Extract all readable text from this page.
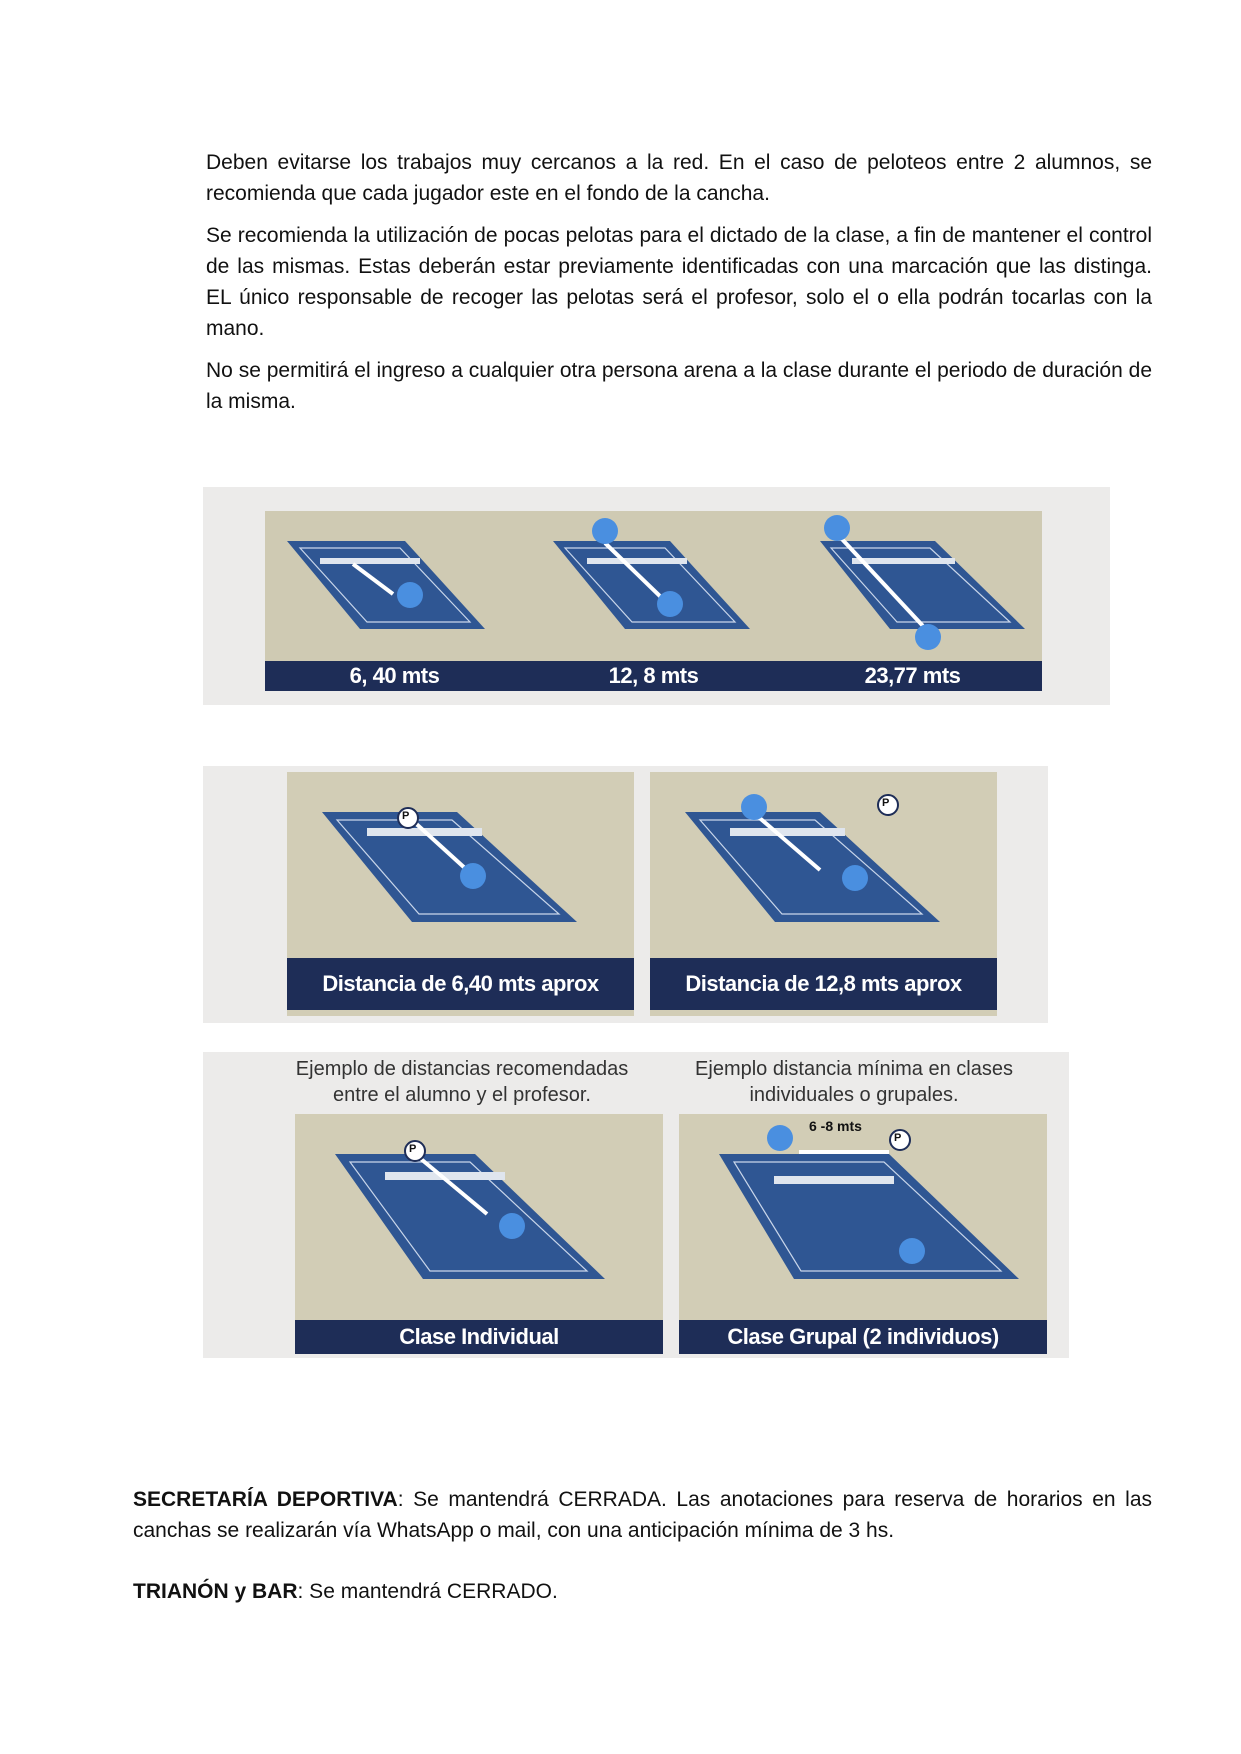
Deben evitarse los trabajos muy cercanos a la red. En el caso de peloteos entre 2 alumnos, se recomienda que cada jugador este en el fondo de la cancha.

Se recomienda la utilización de pocas pelotas para el dictado de la clase, a fin de mantener el control de las mismas. Estas deberán estar previamente identificadas con una marcación que las distinga. EL único responsable de recoger las pelotas será el profesor, solo el o ella podrán tocarlas con la mano.

No se permitirá el ingreso a cualquier otra persona arena a la clase durante el periodo de duración de la misma.

6, 40 mts	12, 8 mts	23,77 mts
P
Distancia de 6,40 mts aprox
P
Distancia de 12,8 mts aprox
Ejemplo de distancias recomendadas entre el alumno y el profesor.
Ejemplo distancia mínima en clases individuales o grupales.
P
Clase Individual
P
6 -8 mts
Clase Grupal (2 individuos)

SECRETARÍA DEPORTIVA: Se mantendrá CERRADA. Las anotaciones para reserva de horarios en las canchas se realizarán vía WhatsApp o mail, con una anticipación mínima de 3 hs.

TRIANÓN y BAR: Se mantendrá CERRADO.
